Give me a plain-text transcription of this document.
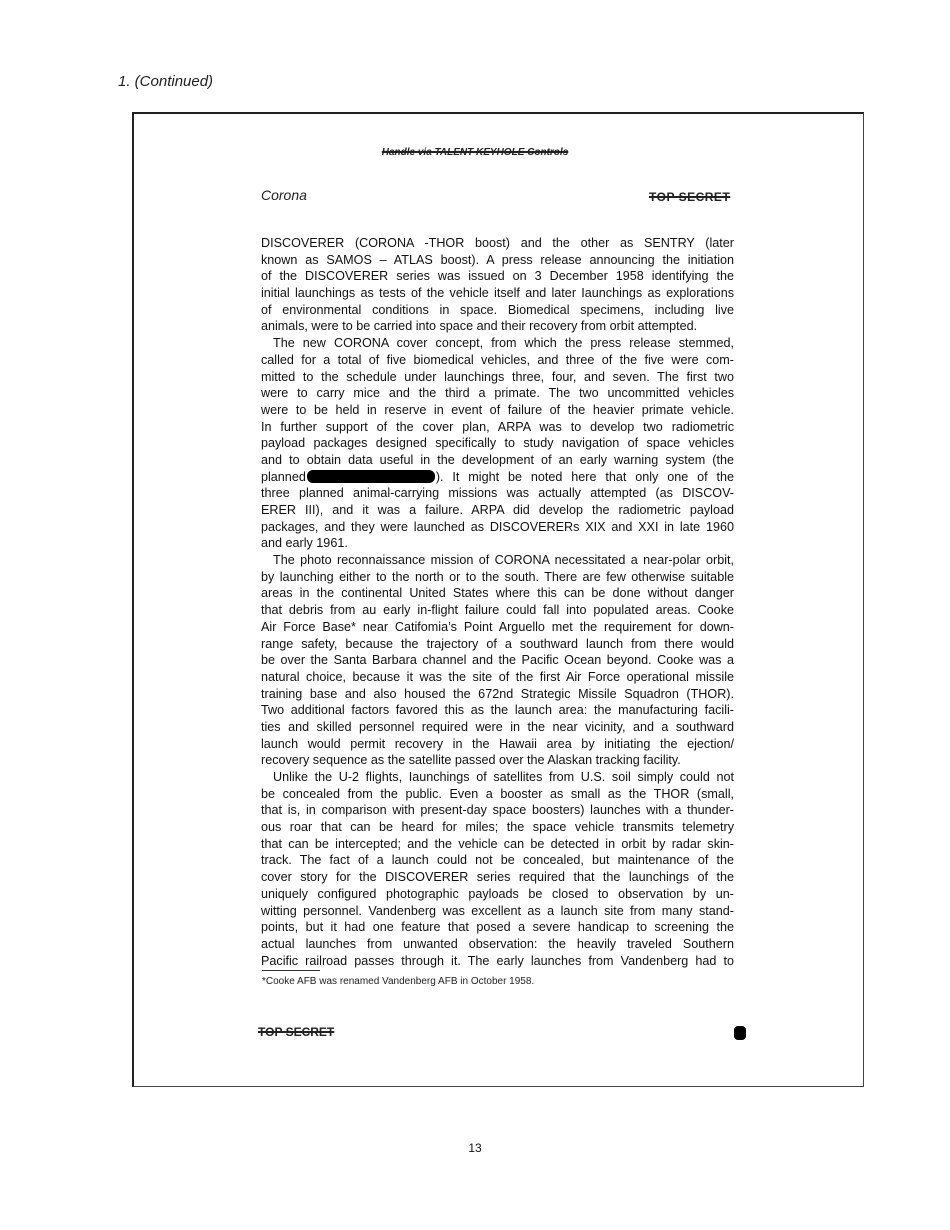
1. (Continued)
Handle via TALENT KEYHOLE Controls
Corona	TOP SECRET
DISCOVERER (CORONA -THOR boost) and the other as SENTRY (later
known as SAMOS – ATLAS boost). A press release announcing the initiation
of the DISCOVERER series was issued on 3 December 1958 identifying the
initial launchings as tests of the vehicle itself and later Iaunchings as explorations
of environmental conditions in space. Biomedical specimens, including live
animals, were to be carried into space and their recovery from orbit attempted.
The new CORONA cover concept, from which the press release stemmed,
called for a total of five biomedical vehicles, and three of the five were com-
mitted to the schedule under launchings three, four, and seven. The first two
were to carry mice and the third a primate. The two uncommitted vehicles
were to be held in reserve in event of failure of the heavier primate vehicle.
In further support of the cover plan, ARPA was to develop two radiometric
payload packages designed specifically to study navigation of space vehicles
and to obtain data useful in the development of an early warning system (the
planned	). It might be noted here that only one of the
three planned animal-carrying missions was actually attempted (as DISCOV-
ERER III), and it was a failure. ARPA did develop the radiometric payload
packages, and they were launched as DISCOVERERs XIX and XXI in late 1960
and early 1961.
The photo reconnaissance mission of CORONA necessitated a near-polar orbit,
by launching either to the north or to the south. There are few otherwise suitable
areas in the continental United States where this can be done without danger
that debris from au early in-flight failure could fall into populated areas. Cooke
Air Force Base* near Catifomia’s Point Arguello met the requirement for down-
range safety, because the trajectory of a southward launch from there would
be over the Santa Barbara channel and the Pacific Ocean beyond. Cooke was a
natural choice, because it was the site of the first Air Force operational missile
training base and also housed the 672nd Strategic Missile Squadron (THOR).
Two additional factors favored this as the launch area: the manufacturing facili-
ties and skilled personnel required were in the near vicinity, and a southward
launch would permit recovery in the Hawaii area by initiating the ejection/
recovery sequence as the satellite passed over the Alaskan tracking facility.
Unlike the U-2 flights, Iaunchings of satellites from U.S. soil simply could not
be concealed from the public. Even a booster as small as the THOR (small,
that is, in comparison with present-day space boosters) launches with a thunder-
ous roar that can be heard for miles; the space vehicle transmits telemetry
that can be intercepted; and the vehicle can be detected in orbit by radar skin-
track. The fact of a launch could not be concealed, but maintenance of the
cover story for the DISCOVERER series required that the launchings of the
uniquely configured photographic payloads be closed to observation by un-
witting personnel. Vandenberg was excellent as a launch site from many stand-
points, but it had one feature that posed a severe handicap to screening the
actual launches from unwanted observation: the heavily traveled Southern
Pacific railroad passes through it. The early launches from Vandenberg had to
*Cooke AFB was renamed Vandenberg AFB in October 1958.
TOP SECRET
13
